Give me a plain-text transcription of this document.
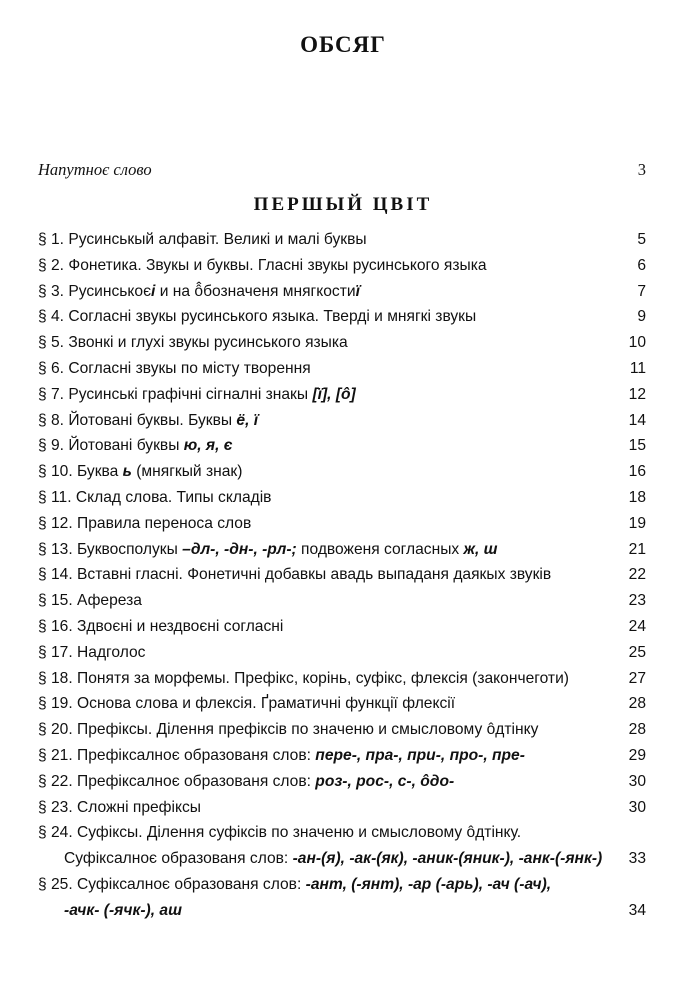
ОБСЯГ
Напутноє слово	3
ПЕРШЫЙ ЦВІТ
§ 1. Русинськый алфавіт. Великі и малі буквы	5
§ 2. Фонетика. Звукы и буквы. Гласні звукы русинського языка	6
§ 3. Русинськоєі и на ô̂бозначеня мнягкостиї	7
§ 4. Согласні звукы русинського языка. Тверді и мнягкі звукы	9
§ 5. Звонкі и глухі звукы русинського языка	10
§ 6. Согласні звукы по місту творення	11
§ 7. Русинські графічні сігналні знакы [ї], [ô]	12
§ 8. Йотовані буквы. Буквы ё, ї	14
§ 9. Йотовані буквы ю, я, є	15
§ 10. Буква ь (мнягкый знак)	16
§ 11. Склад слова. Типы складів	18
§ 12. Правила переноса слов	19
§ 13. Буквосполукы –дл-, -дн-, -рл-; подвоженя согласных ж, ш	21
§ 14. Вставні гласні. Фонетичні добавкы авадь выпаданя даякых звуків	22
§ 15. Афереза	23
§ 16. Здвоєні и нездвоєні согласні	24
§ 17. Надголос	25
§ 18. Понятя за морфемы. Префікс, корінь, суфікс, флексія (закончеготи)	27
§ 19. Основа слова и флексія. Ґраматичні функції флексії	28
§ 20. Префіксы. Ділення префіксів по значеню и смысловому ôдтінку	28
§ 21. Префіксалноє образованя слов: пере-, пра-, при-, про-, пре-	29
§ 22. Префіксалноє образованя слов: роз-, рос-, с-, ôдо-	30
§ 23. Сложні префіксы	30
§ 24. Суфіксы. Ділення суфіксів по значеню и смысловому ôдтінку.
Суфіксалноє образованя слов: -ан-(я), -ак-(як), -аник-(яник-), -анк-(-янк-) 33
§ 25. Суфіксалноє образованя слов: -ант, (-янт), -ар (-арь), -ач (-ач),
-ачк- (-ячк-), аш	34
